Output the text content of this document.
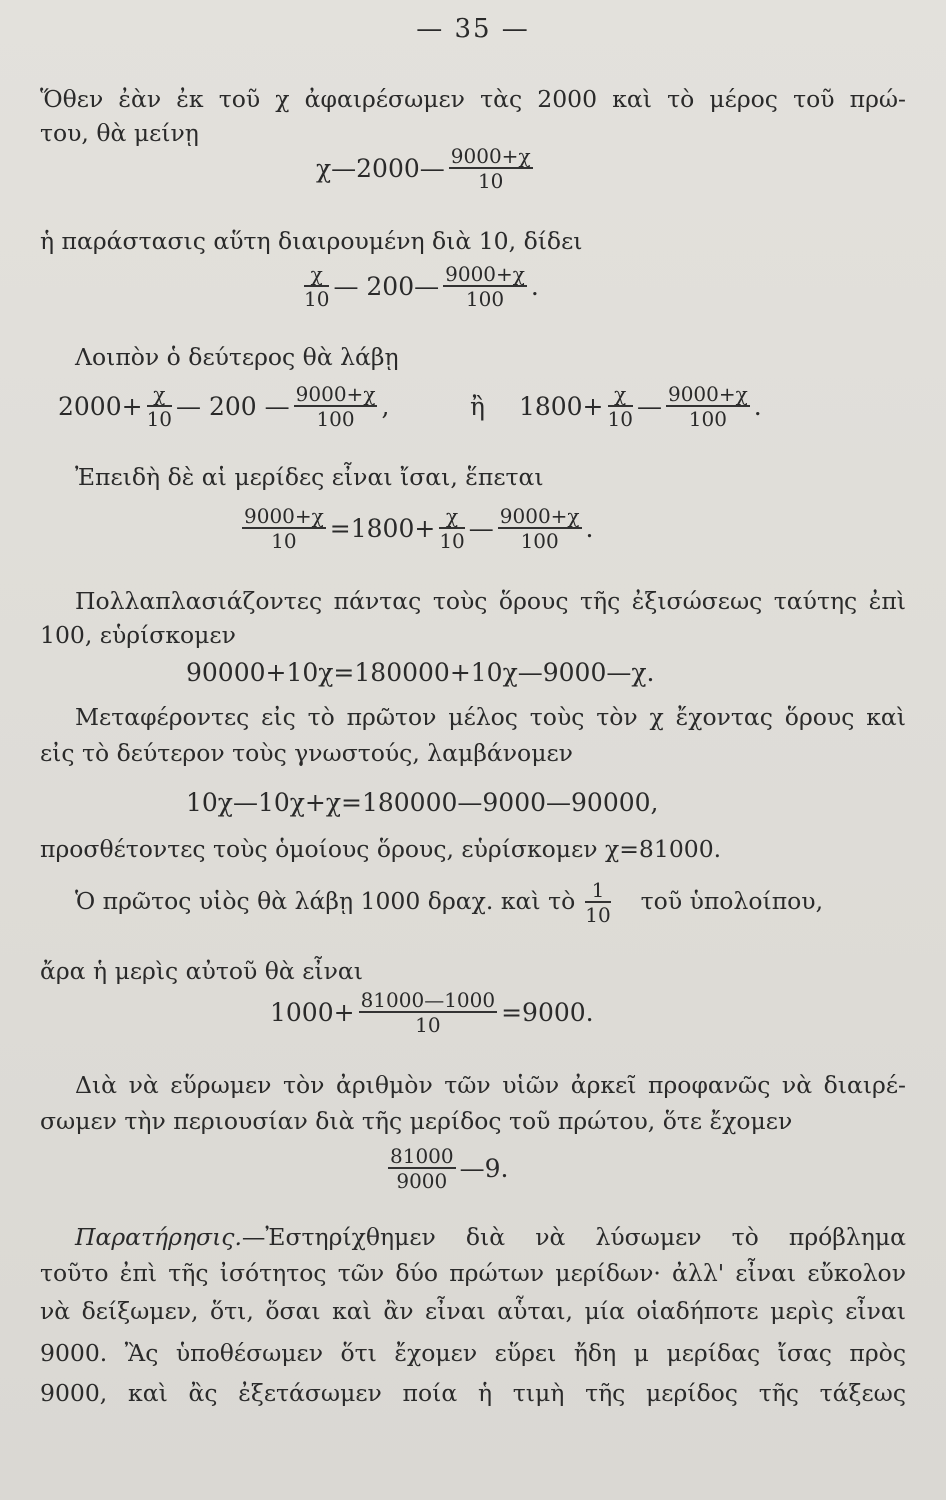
— 35 —
Ὅθεν ἐὰν ἐκ τοῦ χ ἀφαιρέσωμεν τὰς 2000 καὶ τὸ μέρος τοῦ πρώ-
του, θὰ μείνῃ
χ—2000— $\frac{9000+\chi}{10}$
ἡ παράστασις αὕτη διαιρουμένη διὰ 10, δίδει
$\frac{\chi}{10}$ — 200— $\frac{9000+\chi}{100}$ .
Λοιπὸν ὁ δεύτερος θὰ λάβῃ
$2000+ \frac{\chi}{10}$ — 200 — $\frac{9000+\chi}{100}$ ,	ἢ $1800+ \frac{\chi}{10}$ — $\frac{9000+\chi}{100}$ .
Ἐπειδὴ δὲ αἱ μερίδες εἶναι ἴσαι, ἕπεται
$\frac{9000+\chi}{10} =1800+ \frac{\chi}{10}$ — $\frac{9000+\chi}{100}$ .
Πολλαπλασιάζοντες πάντας τοὺς ὅρους τῆς ἐξισώσεως ταύτης ἐπὶ
100, εὑρίσκομεν
90000+10χ=180000+10χ—9000—χ.
Μεταφέροντες εἰς τὸ πρῶτον μέλος τοὺς τὸν χ ἔχοντας ὅρους καὶ
εἰς τὸ δεύτερον τοὺς γνωστούς, λαμβάνομεν
10χ—10χ+χ=180000—9000—90000,
προσθέτοντες τοὺς ὁμοίους ὅρους, εὑρίσκομεν χ=81000.
Ὁ πρῶτος υἱὸς θὰ λάβῃ 1000 δραχ. καὶ τὸ $\frac{1}{10}$ τοῦ ὑπολοίπου,
ἄρα ἡ μερὶς αὐτοῦ θὰ εἶναι
$1000+ \frac{81000—1000}{10} =9000$.
Διὰ νὰ εὕρωμεν τὸν ἀριθμὸν τῶν υἱῶν ἀρκεῖ προφανῶς νὰ διαιρέ-
σωμεν τὴν περιουσίαν διὰ τῆς μερίδος τοῦ πρώτου, ὅτε ἔχομεν
$\frac{81000}{9000}$ —9.
Παρατήρησις.—Ἐστηρίχθημεν διὰ νὰ λύσωμεν τὸ πρόβλημα
τοῦτο ἐπὶ τῆς ἰσότητος τῶν δύο πρώτων μερίδων· ἀλλ' εἶναι εὔκολον
νὰ δείξωμεν, ὅτι, ὅσαι καὶ ἂν εἶναι αὗται, μία οἱαδήποτε μερὶς εἶναι
9000. Ἂς ὑποθέσωμεν ὅτι ἔχομεν εὕρει ἤδη μ μερίδας ἴσας πρὸς
9000, καὶ ἂς ἐξετάσωμεν ποία ἡ τιμὴ τῆς μερίδος τῆς τάξεως
